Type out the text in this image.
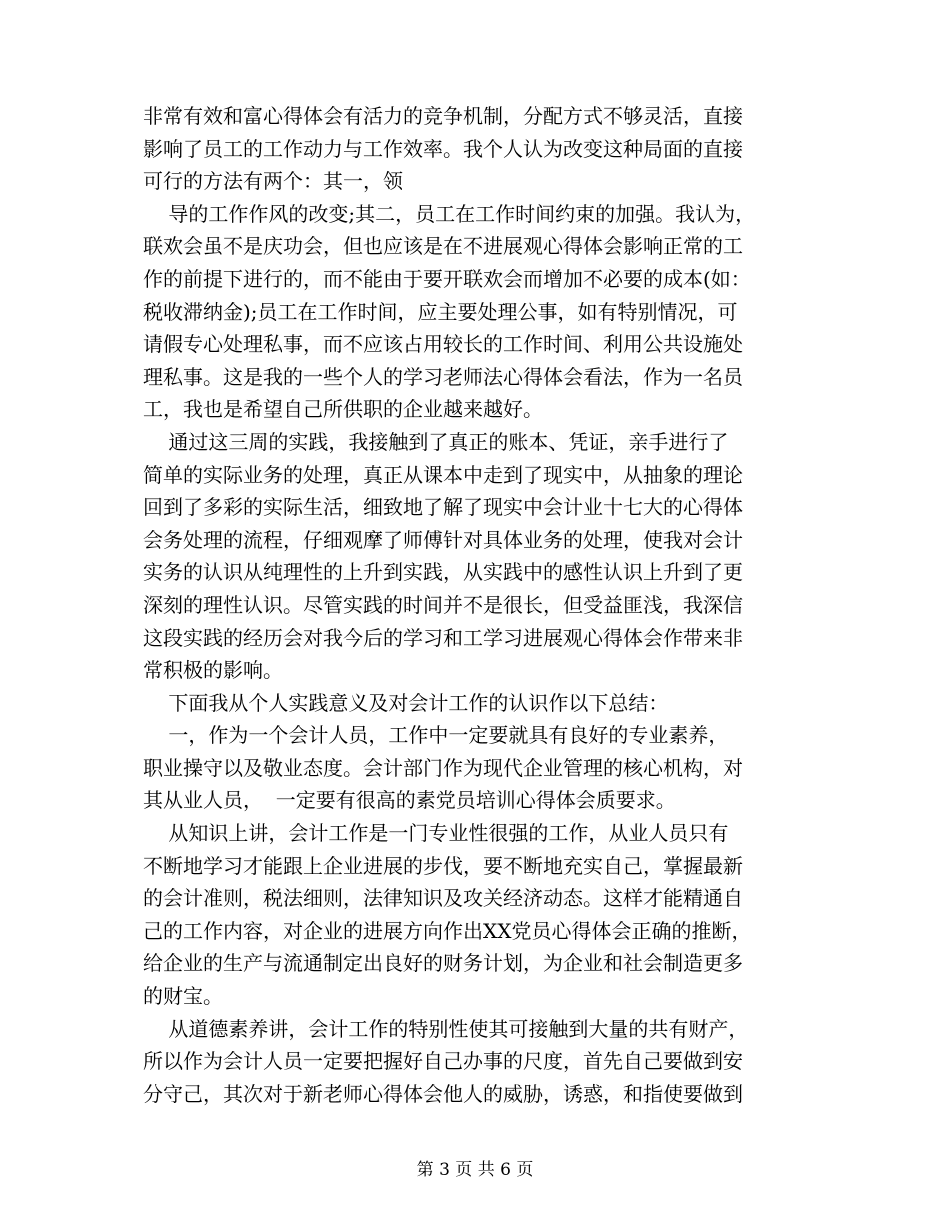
非常有效和富心得体会有活力的竞争机制，分配方式不够灵活，直接
影响了员工的工作动力与工作效率。我个人认为改变这种局面的直接
可行的方法有两个：其一，领
导的工作作风的改变;其二，员工在工作时间约束的加强。我认为，
联欢会虽不是庆功会，但也应该是在不进展观心得体会影响正常的工
作的前提下进行的，而不能由于要开联欢会而增加不必要的成本(如：
税收滞纳金);员工在工作时间，应主要处理公事，如有特别情况，可
请假专心处理私事，而不应该占用较长的工作时间、利用公共设施处
理私事。这是我的一些个人的学习老师法心得体会看法，作为一名员
工，我也是希望自己所供职的企业越来越好。
通过这三周的实践，我接触到了真正的账本、凭证，亲手进行了
简单的实际业务的处理，真正从课本中走到了现实中，从抽象的理论
回到了多彩的实际生活，细致地了解了现实中会计业十七大的心得体
会务处理的流程，仔细观摩了师傅针对具体业务的处理，使我对会计
实务的认识从纯理性的上升到实践，从实践中的感性认识上升到了更
深刻的理性认识。尽管实践的时间并不是很长，但受益匪浅，我深信
这段实践的经历会对我今后的学习和工学习进展观心得体会作带来非
常积极的影响。
下面我从个人实践意义及对会计工作的认识作以下总结：
一，作为一个会计人员，工作中一定要就具有良好的专业素养，
职业操守以及敬业态度。会计部门作为现代企业管理的核心机构，对
其从业人员，  一定要有很高的素党员培训心得体会质要求。
从知识上讲，会计工作是一门专业性很强的工作，从业人员只有
不断地学习才能跟上企业进展的步伐，要不断地充实自己，掌握最新
的会计准则，税法细则，法律知识及攻关经济动态。这样才能精通自
己的工作内容，对企业的进展方向作出XX党员心得体会正确的推断，
给企业的生产与流通制定出良好的财务计划，为企业和社会制造更多
的财宝。
从道德素养讲，会计工作的特别性使其可接触到大量的共有财产，
所以作为会计人员一定要把握好自己办事的尺度，首先自己要做到安
分守己，其次对于新老师心得体会他人的威胁，诱惑，和指使要做到
第 3 页 共 6 页
